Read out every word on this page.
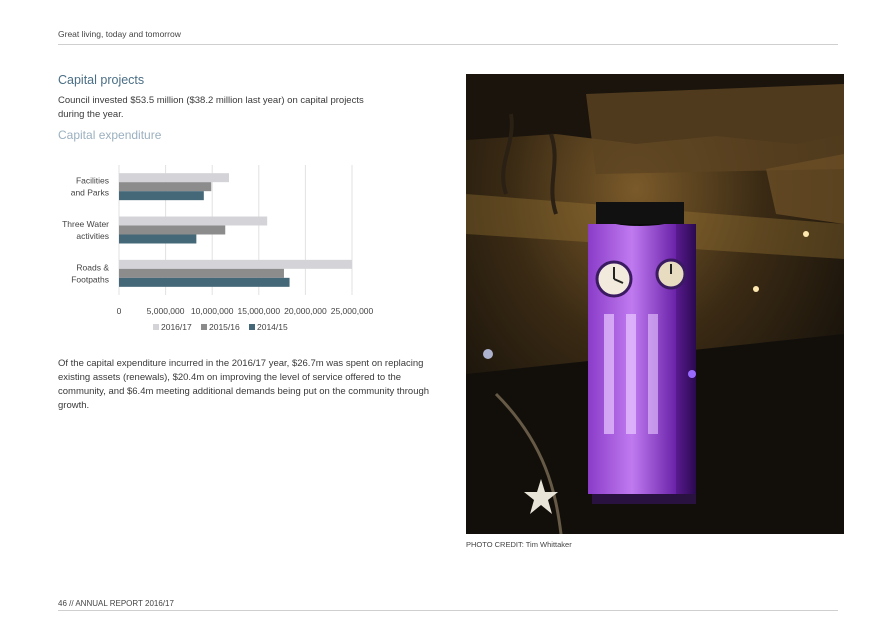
Great living, today and tomorrow
Capital projects
Council invested $53.5 million ($38.2 million last year) on capital projects during the year.
Capital expenditure
Facilities
and Parks
Three Water
activities
Roads &
Footpaths
0	5,000,000 10,000,000 15,000,000 20,000,000 25,000,000
2016/17 2015/16 2014/15
Of the capital expenditure incurred in the 2016/17 year, $26.7m was spent on replacing existing assets (renewals), $20.4m on improving the level of service offered to the community, and $6.4m meeting additional demands being put on the community through growth.
PHOTO CREDIT: Tim Whittaker
46 // ANNUAL REPORT 2016/17
